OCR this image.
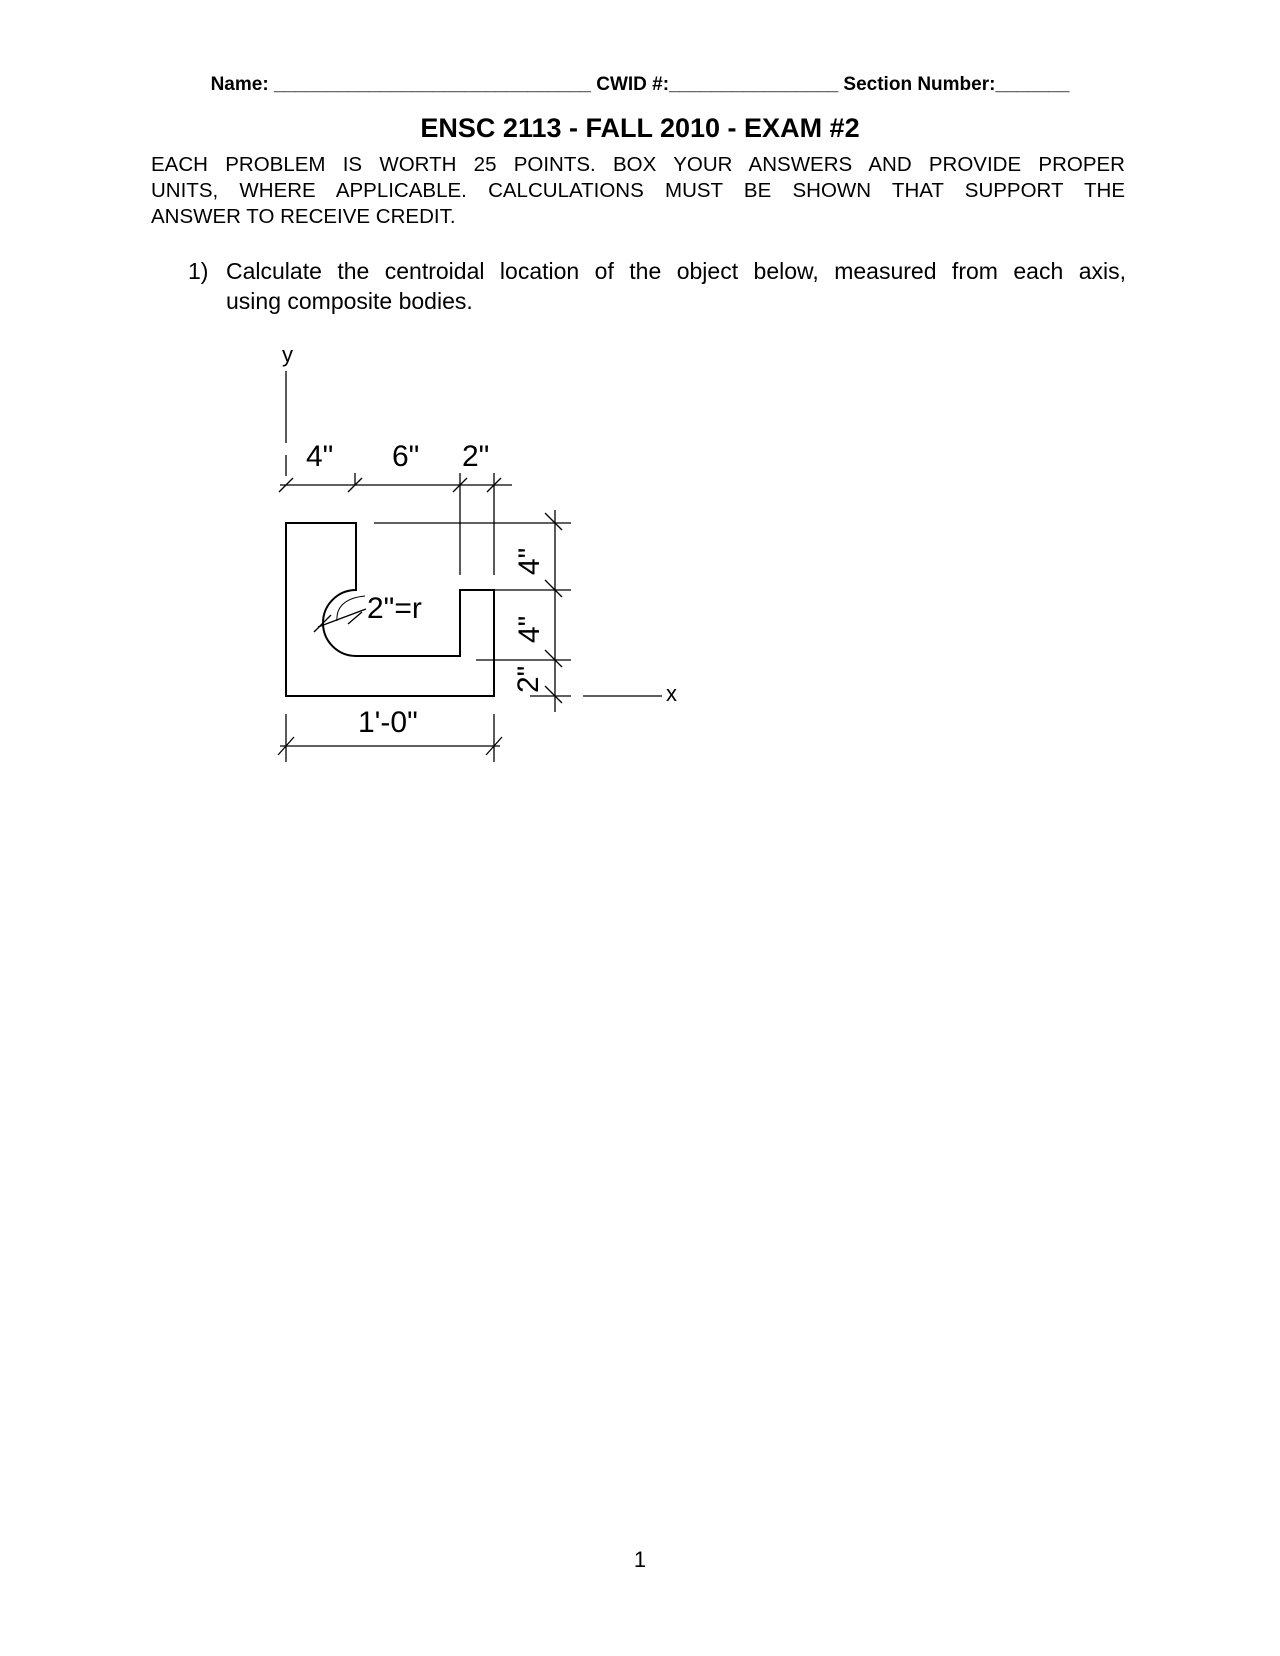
Name: ______________________________ CWID #:________________ Section Number:_______
ENSC 2113 - FALL 2010 - EXAM #2
EACH PROBLEM IS WORTH 25 POINTS. BOX YOUR ANSWERS AND PROVIDE PROPER
UNITS, WHERE APPLICABLE. CALCULATIONS MUST BE SHOWN THAT SUPPORT THE
ANSWER TO RECEIVE CREDIT.
1) Calculate the centroidal location of the object below, measured from each axis,
using composite bodies.
y
x
4" 6" 2"
4"
4"
2"
1'-0"
2"=r
1
